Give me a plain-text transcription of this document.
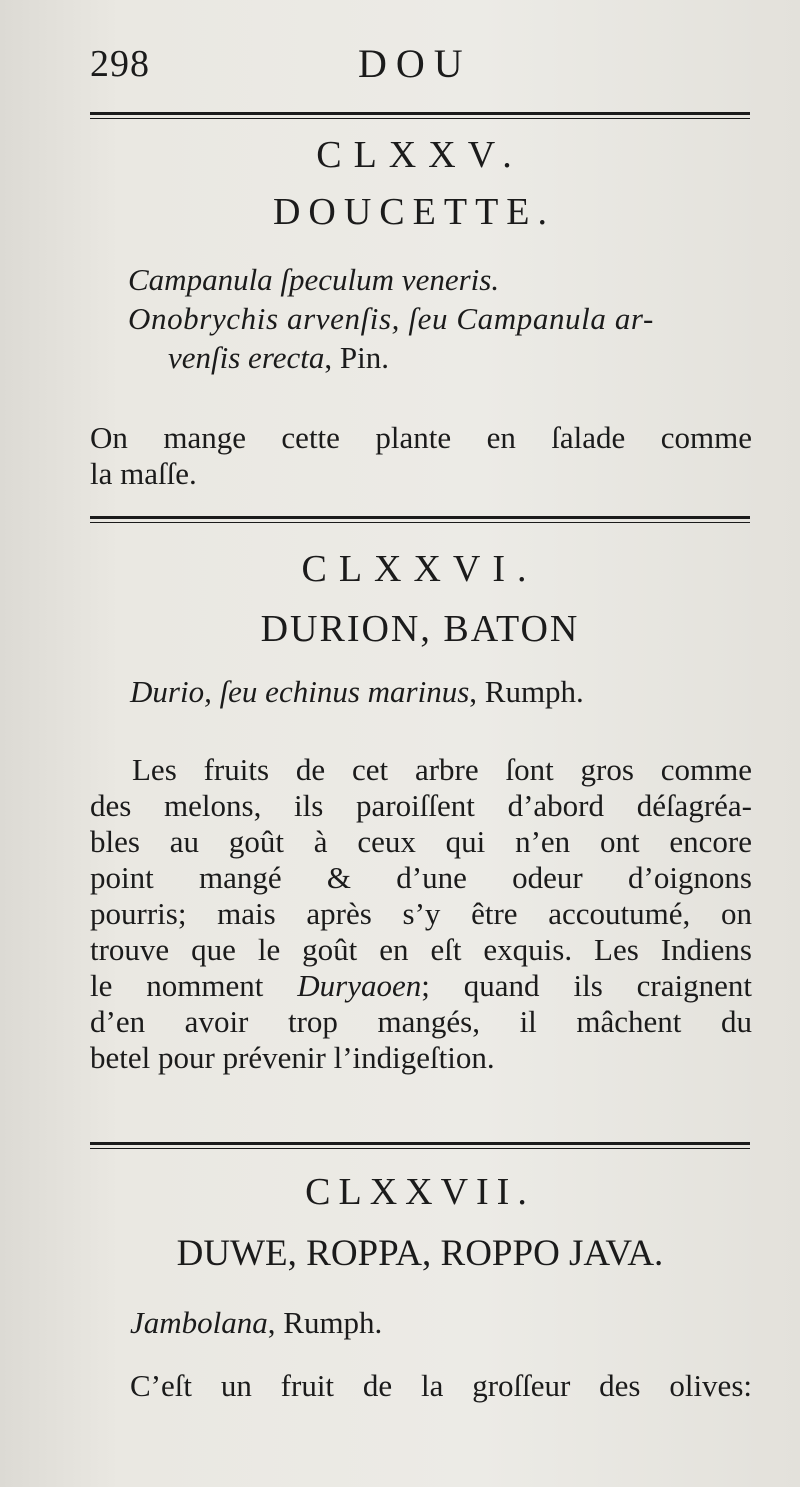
298	DOU
CLXXV.
DOUCETTE.
Campanula ſpeculum veneris.
Onobrychis arvenſis, ſeu Campanula ar-
venſis erecta, Pin.
On mange cette plante en ſalade comme
la maſſe.
CLXXVI.
DURION, BATON
Durio, ſeu echinus marinus, Rumph.
Les fruits de cet arbre ſont gros comme
des melons, ils paroiſſent d’abord déſagréa-
bles au goût à ceux qui n’en ont encore
point mangé & d’une odeur d’oignons
pourris; mais après s’y être accoutumé, on
trouve que le goût en eſt exquis. Les Indiens
le nomment Duryaoen; quand ils craignent
d’en avoir trop mangés, il mâchent du
betel pour prévenir l’indigeſtion.
CLXXVII.
DUWE, ROPPA, ROPPO JAVA.
Jambolana, Rumph.
C’eſt un fruit de la groſſeur des olives:
